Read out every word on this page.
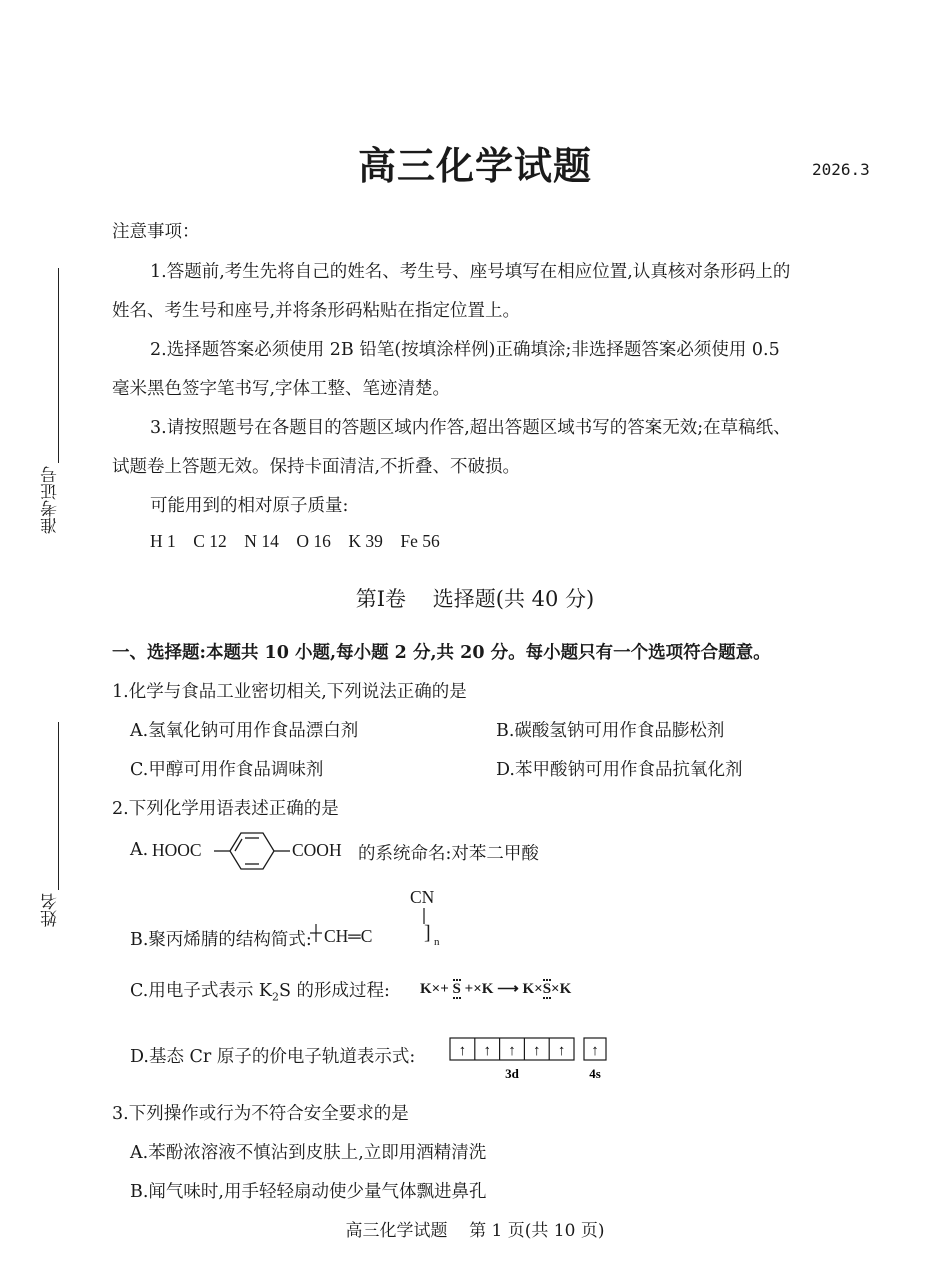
准考证号
姓名
高三化学试题	2026.3
注意事项：
1.答题前,考生先将自己的姓名、考生号、座号填写在相应位置,认真核对条形码上的
姓名、考生号和座号,并将条形码粘贴在指定位置上。
2.选择题答案必须使用 2B 铅笔(按填涂样例)正确填涂;非选择题答案必须使用 0.5
毫米黑色签字笔书写,字体工整、笔迹清楚。
3.请按照题号在各题目的答题区域内作答,超出答题区域书写的答案无效;在草稿纸、
试题卷上答题无效。保持卡面清洁,不折叠、不破损。
可能用到的相对原子质量:
H 1    C 12    N 14    O 16    K 39    Fe 56
第Ⅰ卷    选择题(共 40 分)
一、选择题:本题共 10 小题,每小题 2 分,共 20 分。每小题只有一个选项符合题意。
1.化学与食品工业密切相关,下列说法正确的是
A.氢氧化钠可用作食品漂白剂	B.碳酸氢钠可用作食品膨松剂
C.甲醇可用作食品调味剂	D.苯甲酸钠可用作食品抗氧化剂
2.下列化学用语表述正确的是
A. HOOC	COOH 的系统命名:对苯二甲酸
B.聚丙烯腈的结构简式:
CN
CH═C	] n
C.用电子式表示 $K_2S$ 的形成过程: K×+ S +×K ⟶ K×S×K
D.基态 Cr 原子的价电子轨道表示式:	↑ ↑ ↑ ↑ ↑ ↑
3d	4s
3.下列操作或行为不符合安全要求的是
A.苯酚浓溶液不慎沾到皮肤上,立即用酒精清洗
B.闻气味时,用手轻轻扇动使少量气体飘进鼻孔
高三化学试题    第 1 页(共 10 页)
